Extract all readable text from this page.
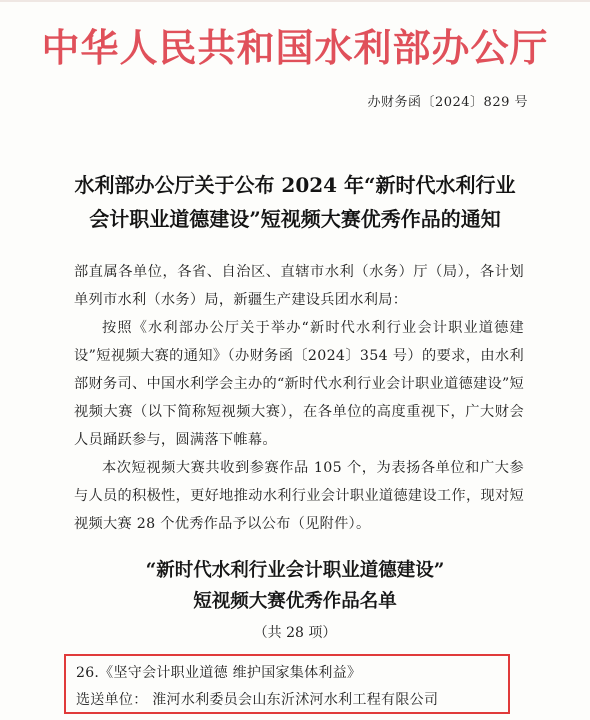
中华人民共和国水利部办公厅
办财务函〔2024〕829 号
水利部办公厅关于公布 2024 年“新时代水利行业
会计职业道德建设”短视频大赛优秀作品的通知
部直属各单位，各省、自治区、直辖市水利（水务）厅（局），各计划单列市水利（水务）局，新疆生产建设兵团水利局：
按照《水利部办公厅关于举办“新时代水利行业会计职业道德建设”短视频大赛的通知》（办财务函〔2024〕354 号）的要求，由水利部财务司、中国水利学会主办的“新时代水利行业会计职业道德建设”短视频大赛（以下简称短视频大赛），在各单位的高度重视下，广大财会人员踊跃参与，圆满落下帷幕。
本次短视频大赛共收到参赛作品 105 个，为表扬各单位和广大参与人员的积极性，更好地推动水利行业会计职业道德建设工作，现对短视频大赛 28 个优秀作品予以公布（见附件）。
“新时代水利行业会计职业道德建设”
短视频大赛优秀作品名单
（共 28 项）
26.《坚守会计职业道德 维护国家集体利益》
选送单位： 淮河水利委员会山东沂沭河水利工程有限公司
